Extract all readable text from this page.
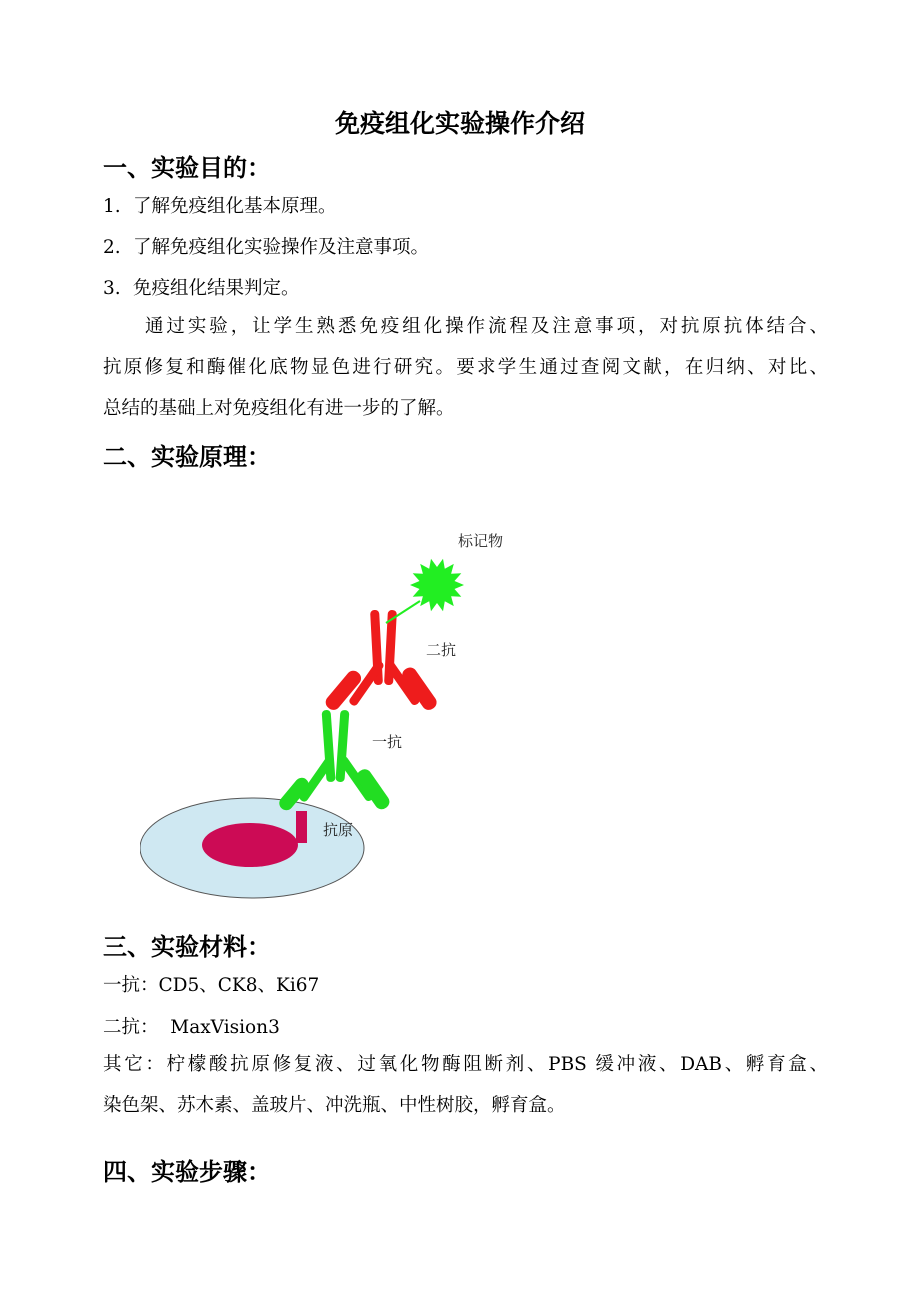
免疫组化实验操作介绍
一、实验目的：
1. 了解免疫组化基本原理。
2. 了解免疫组化实验操作及注意事项。
3. 免疫组化结果判定。
通过实验，让学生熟悉免疫组化操作流程及注意事项，对抗原抗体结合、
抗原修复和酶催化底物显色进行研究。要求学生通过查阅文献，在归纳、对比、
总结的基础上对免疫组化有进一步的了解。
二、实验原理：
标记物
二抗
一抗
抗原
三、实验材料：
一抗：CD5、CK8、Ki67
二抗：  MaxVision3
其它：柠檬酸抗原修复液、过氧化物酶阻断剂、PBS 缓冲液、DAB、孵育盒、
染色架、苏木素、盖玻片、冲洗瓶、中性树胶，孵育盒。
四、实验步骤：
